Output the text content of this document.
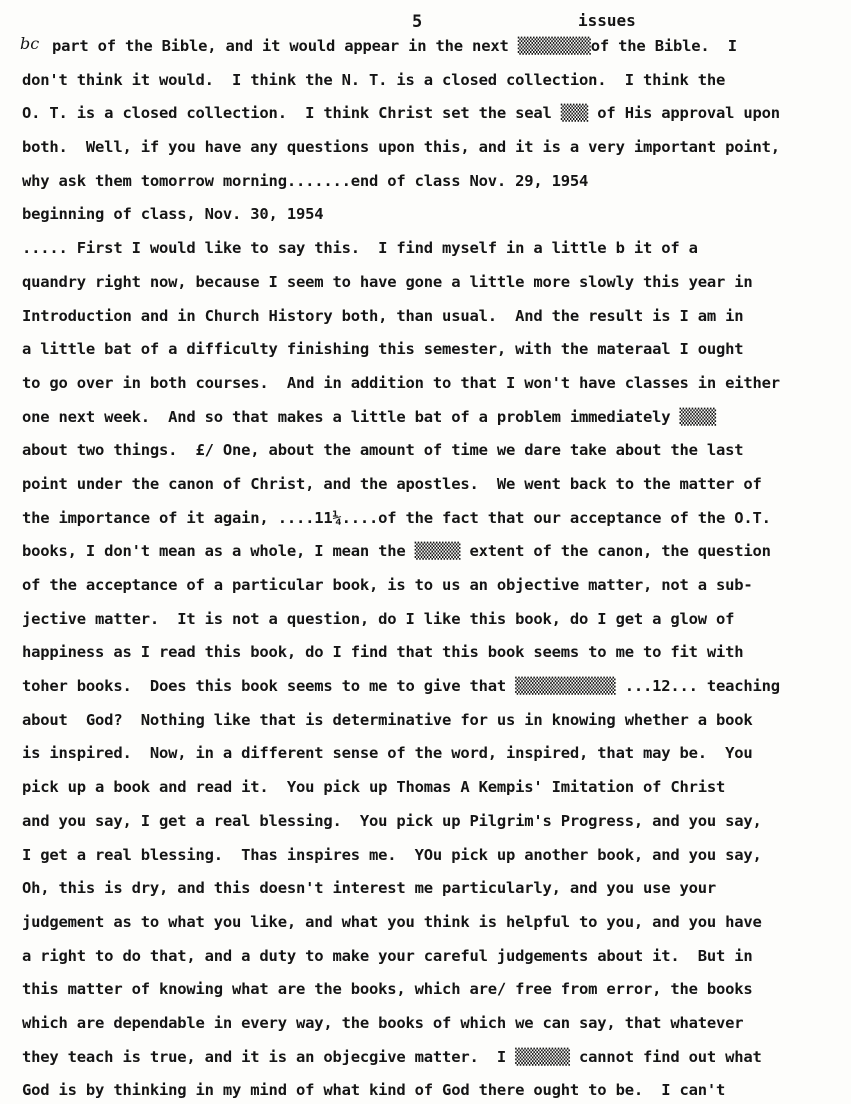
5	issues
bc part of the Bible, and it would appear in the next ▒▒▒▒▒▒▒▒of the Bible.  I
don't think it would.  I think the N. T. is a closed collection.  I think the
O. T. is a closed collection.  I think Christ set the seal ▒▒▒ of His approval upon
both.  Well, if you have any questions upon this, and it is a very important point,
why ask them tomorrow morning.......end of class Nov. 29, 1954
beginning of class, Nov. 30, 1954
..... First I would like to say this.  I find myself in a little b it of a
quandry right now, because I seem to have gone a little more slowly this year in
Introduction and in Church History both, than usual.  And the result is I am in
a little bat of a difficulty finishing this semester, with the materaal I ought
to go over in both courses.  And in addition to that I won't have classes in either
one next week.  And so that makes a little bat of a problem immediately ▒▒▒▒
about two things.  £/ One, about the amount of time we dare take about the last
point under the canon of Christ, and the apostles.  We went back to the matter of
the importance of it again, ....11¼....of the fact that our acceptance of the O.T.
books, I don't mean as a whole, I mean the ▒▒▒▒▒ extent of the canon, the question
of the acceptance of a particular book, is to us an objective matter, not a sub-
jective matter.  It is not a question, do I like this book, do I get a glow of
happiness as I read this book, do I find that this book seems to me to fit with
toher books.  Does this book seems to me to give that ▒▒▒▒▒▒▒▒▒▒▒ ...12... teaching
about  God?  Nothing like that is determinative for us in knowing whether a book
is inspired.  Now, in a different sense of the word, inspired, that may be.  You
pick up a book and read it.  You pick up Thomas A Kempis' Imitation of Christ
and you say, I get a real blessing.  You pick up Pilgrim's Progress, and you say,
I get a real blessing.  Thas inspires me.  YOu pick up another book, and you say,
Oh, this is dry, and this doesn't interest me particularly, and you use your
judgement as to what you like, and what you think is helpful to you, and you have
a right to do that, and a duty to make your careful judgements about it.  But in
this matter of knowing what are the books, which are∕ free from error, the books
which are dependable in every way, the books of which we can say, that whatever
they teach is true, and it is an objecgive matter.  I ▒▒▒▒▒▒ cannot find out what
God is by thinking in my mind of what kind of God there ought to be.  I can't
